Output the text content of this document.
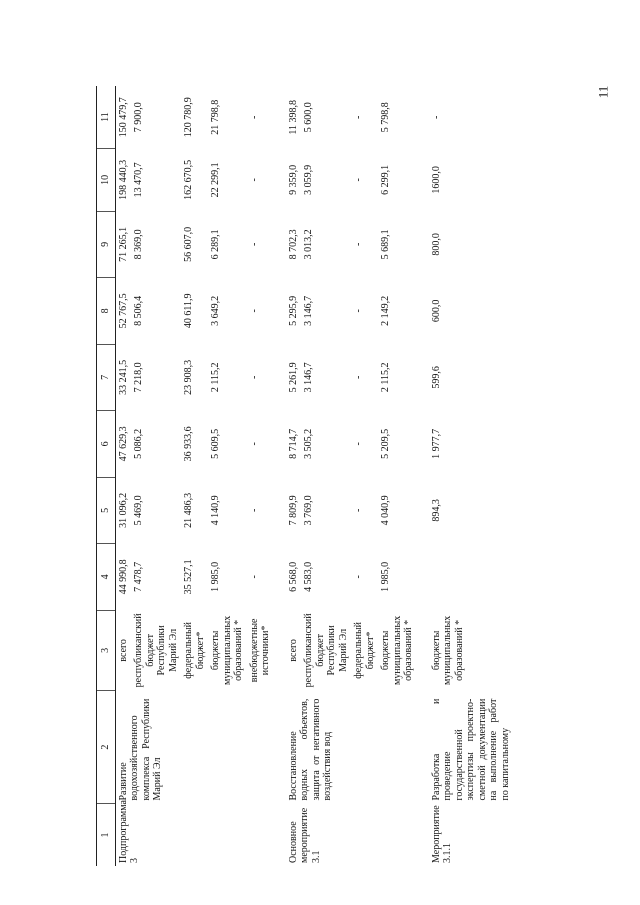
11
1	2	3	4	5	6	7	8	9	10	11
Подпрограмма 3	Развитие водохозяйственного комплекса Республики Марий Эл	всего	44 990,8	31 096,2	47 629,3	33 241,5	52 767,5	71 265,1	198 440,3	150 479,7
		республиканский бюджет Республики Марий Эл	7 478,7	5 469,0	5 086,2	7 218,0	8 506,4	8 369,0	13 470,7	7 900,0
		федеральный бюджет*	35 527,1	21 486,3	36 933,6	23 908,3	40 611,9	56 607,0	162 670,5	120 780,9
		бюджеты муниципальных образований *	1 985,0	4 140,9	5 609,5	2 115,2	3 649,2	6 289,1	22 299,1	21 798,8
		внебюджетные источники*	-	-	-	-	-	-	-	-
Основное мероприятие 3.1	Восстановление водных объектов, защита от негативного воздействия вод	всего	6 568,0	7 809,9	8 714,7	5 261,9	5 295,9	8 702,3	9 359,0	11 398,8
		республиканский бюджет Республики Марий Эл	4 583,0	3 769,0	3 505,2	3 146,7	3 146,7	3 013,2	3 059,9	5 600,0
		федеральный бюджет*	-	-	-	-	-	-	-	-
		бюджеты муниципальных образований *	1 985,0	4 040,9	5 209,5	2 115,2	2 149,2	5 689,1	6 299,1	5 798,8
Мероприятие 3.1.1	Разработка и проведение государственной экспертизы проектно-сметной документации на выполнение работ по капитальному	бюджеты муниципальных образований *		894,3	1 977,7	599,6	600,0	800,0	1600,0	-
